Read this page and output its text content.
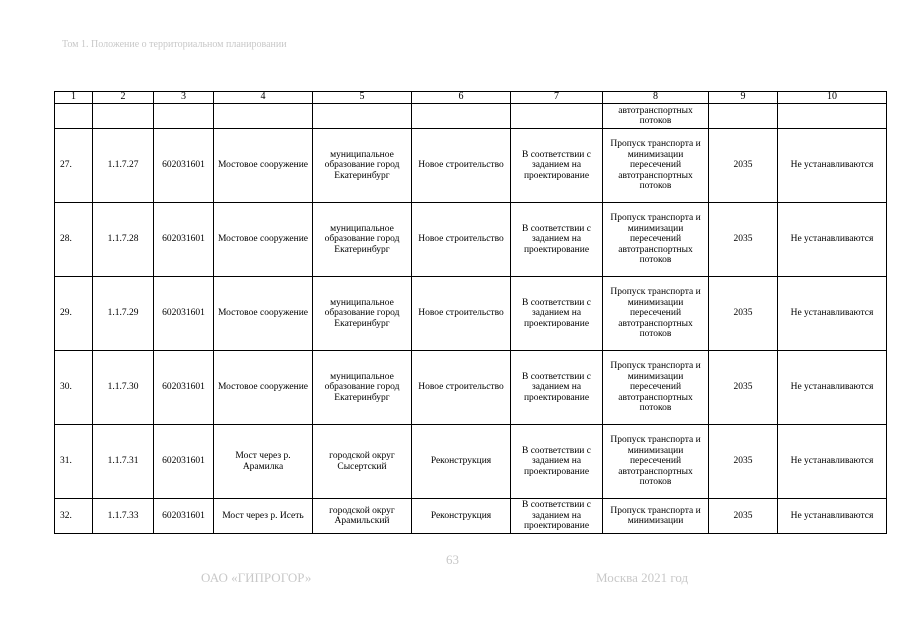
Том 1. Положение о территориальном планировании
1	2	3	4	5	6	7	8	9	10
							автотранспортных потоков		
27.	1.1.7.27	602031601	Мостовое сооружение	муниципальное образование город Екатеринбург	Новое строительство	В соответствии с заданием на проектирование	Пропуск транспорта и минимизации пересечений автотранспортных потоков	2035	Не устанавливаются
28.	1.1.7.28	602031601	Мостовое сооружение	муниципальное образование город Екатеринбург	Новое строительство	В соответствии с заданием на проектирование	Пропуск транспорта и минимизации пересечений автотранспортных потоков	2035	Не устанавливаются
29.	1.1.7.29	602031601	Мостовое сооружение	муниципальное образование город Екатеринбург	Новое строительство	В соответствии с заданием на проектирование	Пропуск транспорта и минимизации пересечений автотранспортных потоков	2035	Не устанавливаются
30.	1.1.7.30	602031601	Мостовое сооружение	муниципальное образование город Екатеринбург	Новое строительство	В соответствии с заданием на проектирование	Пропуск транспорта и минимизации пересечений автотранспортных потоков	2035	Не устанавливаются
31.	1.1.7.31	602031601	Мост через р. Арамилка	городской округ Сысертский	Реконструкция	В соответствии с заданием на проектирование	Пропуск транспорта и минимизации пересечений автотранспортных потоков	2035	Не устанавливаются
32.	1.1.7.33	602031601	Мост через р. Исеть	городской округ Арамильский	Реконструкция	В соответствии с заданием на проектирование	Пропуск транспорта и минимизации	2035	Не устанавливаются
63
ОАО «ГИПРОГОР»	Москва 2021 год
